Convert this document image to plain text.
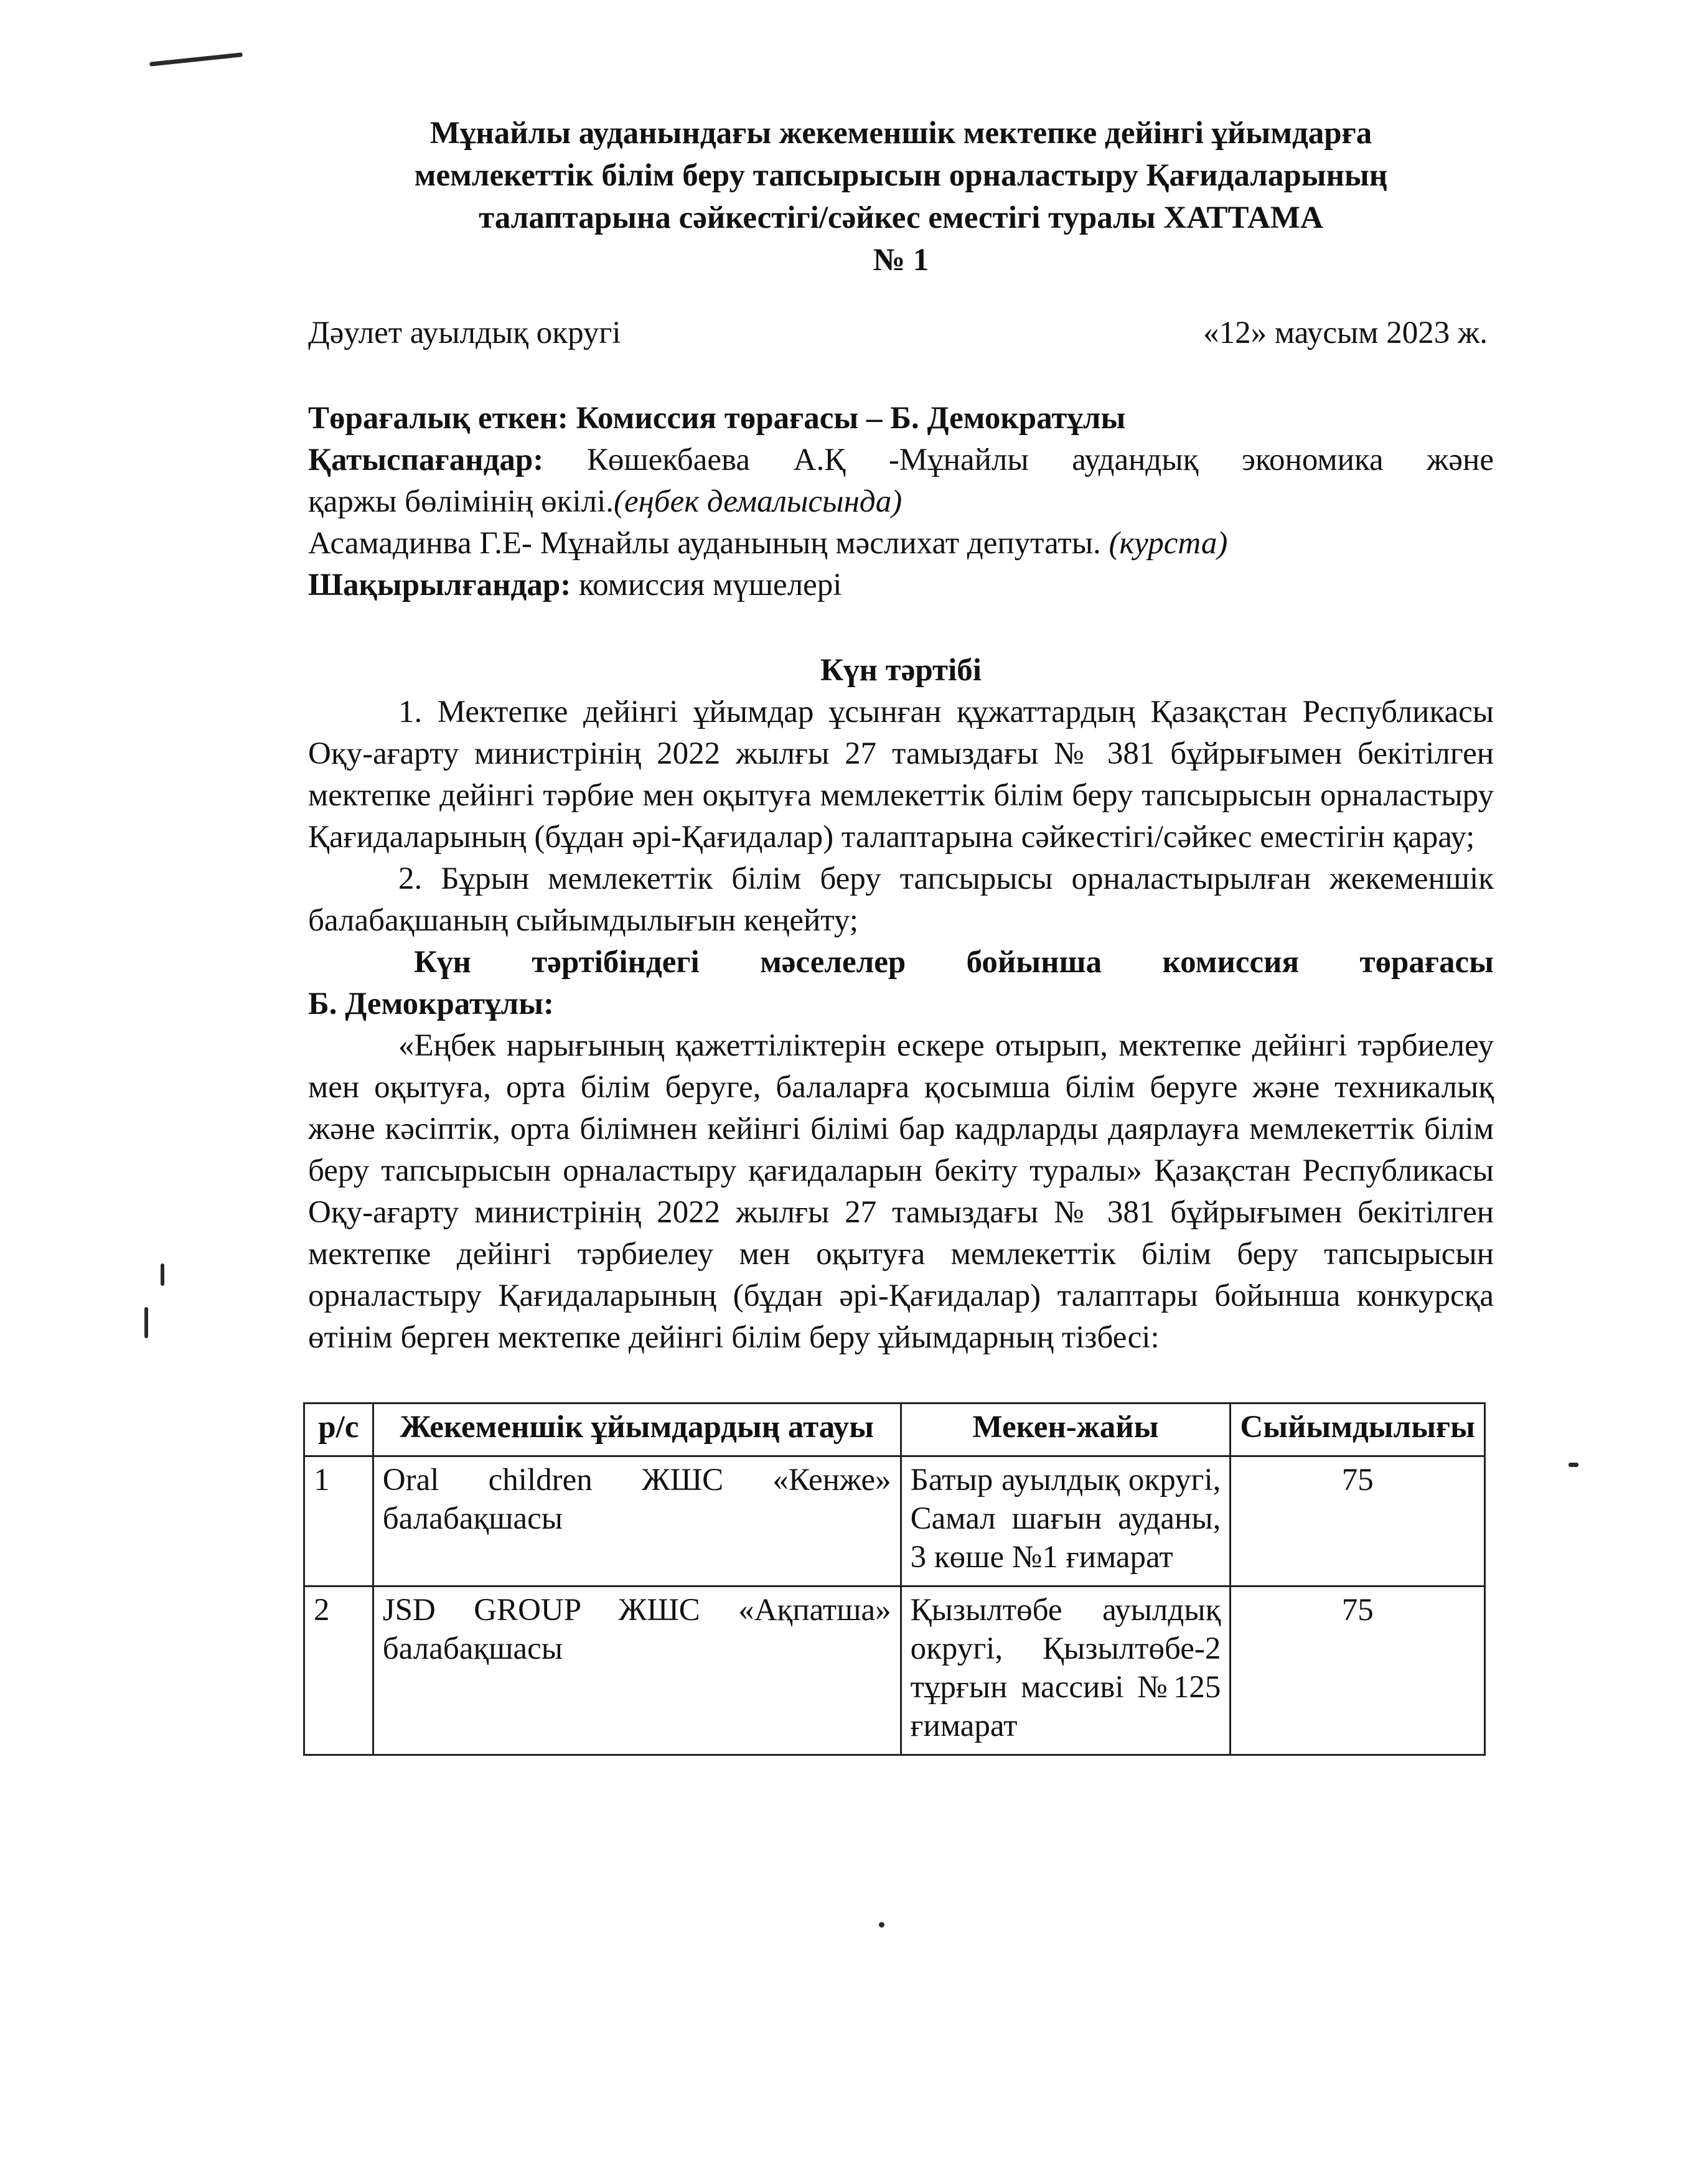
Мұнайлы ауданындағы жекеменшік мектепке дейінгі ұйымдарға
мемлекеттік білім беру тапсырысын орналастыру Қағидаларының
талаптарына сәйкестігі/сәйкес еместігі туралы ХАТТАМА
№ 1
Дәулет ауылдық округі	«12» маусым 2023 ж.
Төрағалық еткен: Комиссия төрағасы – Б. Демократұлы
Қатыспағандар: Көшекбаева А.Қ -Мұнайлы аудандық экономика және
қаржы бөлімінің өкілі.(еңбек демалысында)
Асамадинва Г.Е- Мұнайлы ауданының мәслихат депутаты. (курста)
Шақырылғандар: комиссия мүшелері
Күн тәртібі

1. Мектепке дейінгі ұйымдар ұсынған құжаттардың Қазақстан Республикасы Оқу-ағарту министрінің 2022 жылғы 27 тамыздағы № 381 бұйрығымен бекітілген мектепке дейінгі тәрбие мен оқытуға мемлекеттік білім беру тапсырысын орналастыру Қағидаларының (бұдан әрі-Қағидалар) талаптарына сәйкестігі/сәйкес еместігін қарау;

2. Бұрын мемлекеттік білім беру тапсырысы орналастырылған жекеменшік балабақшаның сыйымдылығын кеңейту;

Күн тәртібіндегі мәселелер бойынша комиссия төрағасы

Б. Демократұлы:

«Еңбек нарығының қажеттіліктерін ескере отырып, мектепке дейінгі тәрбиелеу мен оқытуға, орта білім беруге, балаларға қосымша білім беруге және техникалық және кәсіптік, орта білімнен кейінгі білімі бар кадрларды даярлауға мемлекеттік білім беру тапсырысын орналастыру қағидаларын бекіту туралы» Қазақстан Республикасы Оқу-ағарту министрінің 2022 жылғы 27 тамыздағы № 381 бұйрығымен бекітілген мектепке дейінгі тәрбиелеу мен оқытуға мемлекеттік білім беру тапсырысын орналастыру Қағидаларының (бұдан әрі-Қағидалар) талаптары бойынша конкурсқа өтінім берген мектепке дейінгі білім беру ұйымдарның тізбесі:

р/с	Жекеменшік ұйымдардың атауы	Мекен-жайы	Сыйымдылығы
1	Oral children ЖШС «Кенже» балабақшасы	Батыр ауылдық округі, Самал шағын ауданы, 3 көше №1 ғимарат	75
2	JSD GROUP ЖШС «Ақпатша» балабақшасы	Қызылтөбе ауылдық округі, Қызылтөбе-2 тұрғын массиві №125 ғимарат	75
